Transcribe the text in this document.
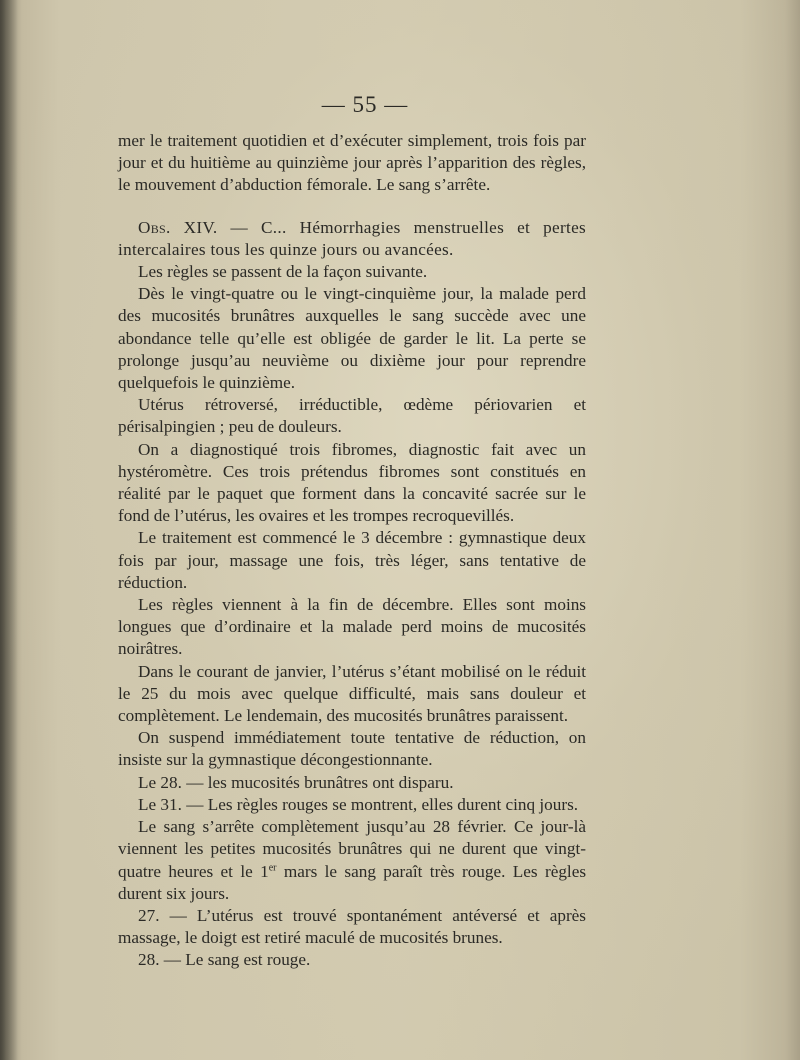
— 55 —

mer le traitement quotidien et d’exécuter simplement, trois fois par jour et du huitième au quinzième jour après l’apparition des règles, le mouvement d’abduction fémorale. Le sang s’arrête.

Obs. XIV. — C... Hémorrhagies menstruelles et pertes intercalaires tous les quinze jours ou avancées.

Les règles se passent de la façon suivante.

Dès le vingt-quatre ou le vingt-cinquième jour, la malade perd des mucosités brunâtres auxquelles le sang succède avec une abondance telle qu’elle est obligée de garder le lit. La perte se prolonge jusqu’au neuvième ou dixième jour pour reprendre quelquefois le quinzième.

Utérus rétroversé, irréductible, œdème périovarien et périsalpingien ; peu de douleurs.

On a diagnostiqué trois fibromes, diagnostic fait avec un hystéromètre. Ces trois prétendus fibromes sont constitués en réalité par le paquet que forment dans la concavité sacrée sur le fond de l’utérus, les ovaires et les trompes recroquevillés.

Le traitement est commencé le 3 décembre : gymnastique deux fois par jour, massage une fois, très léger, sans tentative de réduction.

Les règles viennent à la fin de décembre. Elles sont moins longues que d’ordinaire et la malade perd moins de mucosités noirâtres.

Dans le courant de janvier, l’utérus s’étant mobilisé on le réduit le 25 du mois avec quelque difficulté, mais sans douleur et complètement. Le lendemain, des mucosités brunâtres paraissent.

On suspend immédiatement toute tentative de réduction, on insiste sur la gymnastique décongestionnante.

Le 28. — les mucosités brunâtres ont disparu.

Le 31. — Les règles rouges se montrent, elles durent cinq jours.

Le sang s’arrête complètement jusqu’au 28 février. Ce jour-là viennent les petites mucosités brunâtres qui ne durent que vingt-quatre heures et le 1er mars le sang paraît très rouge. Les règles durent six jours.

27. — L’utérus est trouvé spontanément antéversé et après massage, le doigt est retiré maculé de mucosités brunes.

28. — Le sang est rouge.
